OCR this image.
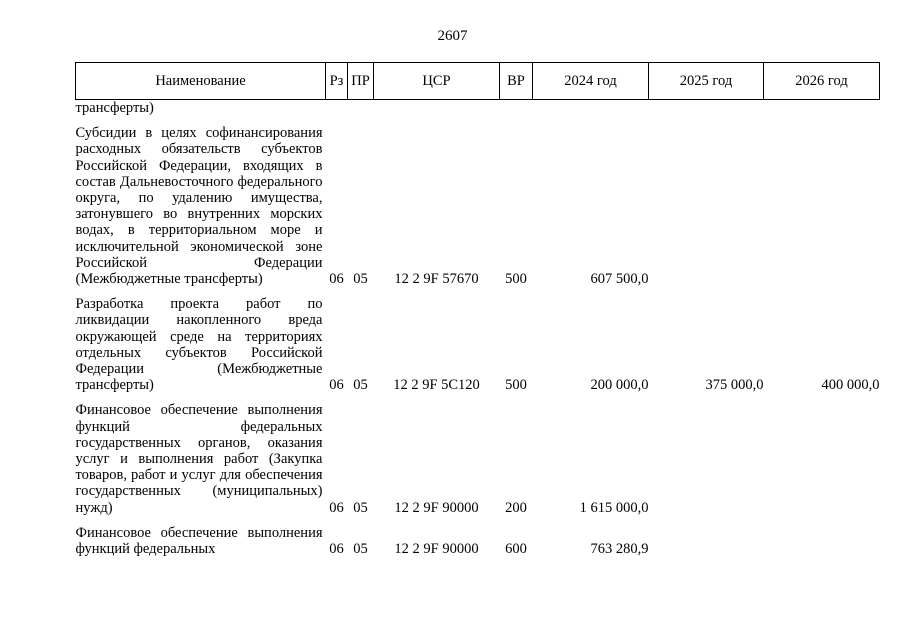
2607
Наименование	Рз	ПР	ЦСР	ВР	2024 год	2025 год	2026 год
трансферты)							
Субсидии в целях софинансирования расходных обязательств субъектов Российской Федерации, входящих в состав Дальневосточного федерального округа, по удалению имущества, затонувшего во внутренних морских водах, в территориальном море и исключительной экономической зоне Российской Федерации (Межбюджетные трансферты)	06	05	12 2 9F 57670	500	607 500,0		
Разработка проекта работ по ликвидации накопленного вреда окружающей среде на территориях отдельных субъектов Российской Федерации (Межбюджетные трансферты)	06	05	12 2 9F 5C120	500	200 000,0	375 000,0	400 000,0
Финансовое обеспечение выполнения функций федеральных государственных органов, оказания услуг и выполнения работ (Закупка товаров, работ и услуг для обеспечения государственных (муниципальных) нужд)	06	05	12 2 9F 90000	200	1 615 000,0		
Финансовое обеспечение выполнения функций федеральных	06	05	12 2 9F 90000	600	763 280,9		
